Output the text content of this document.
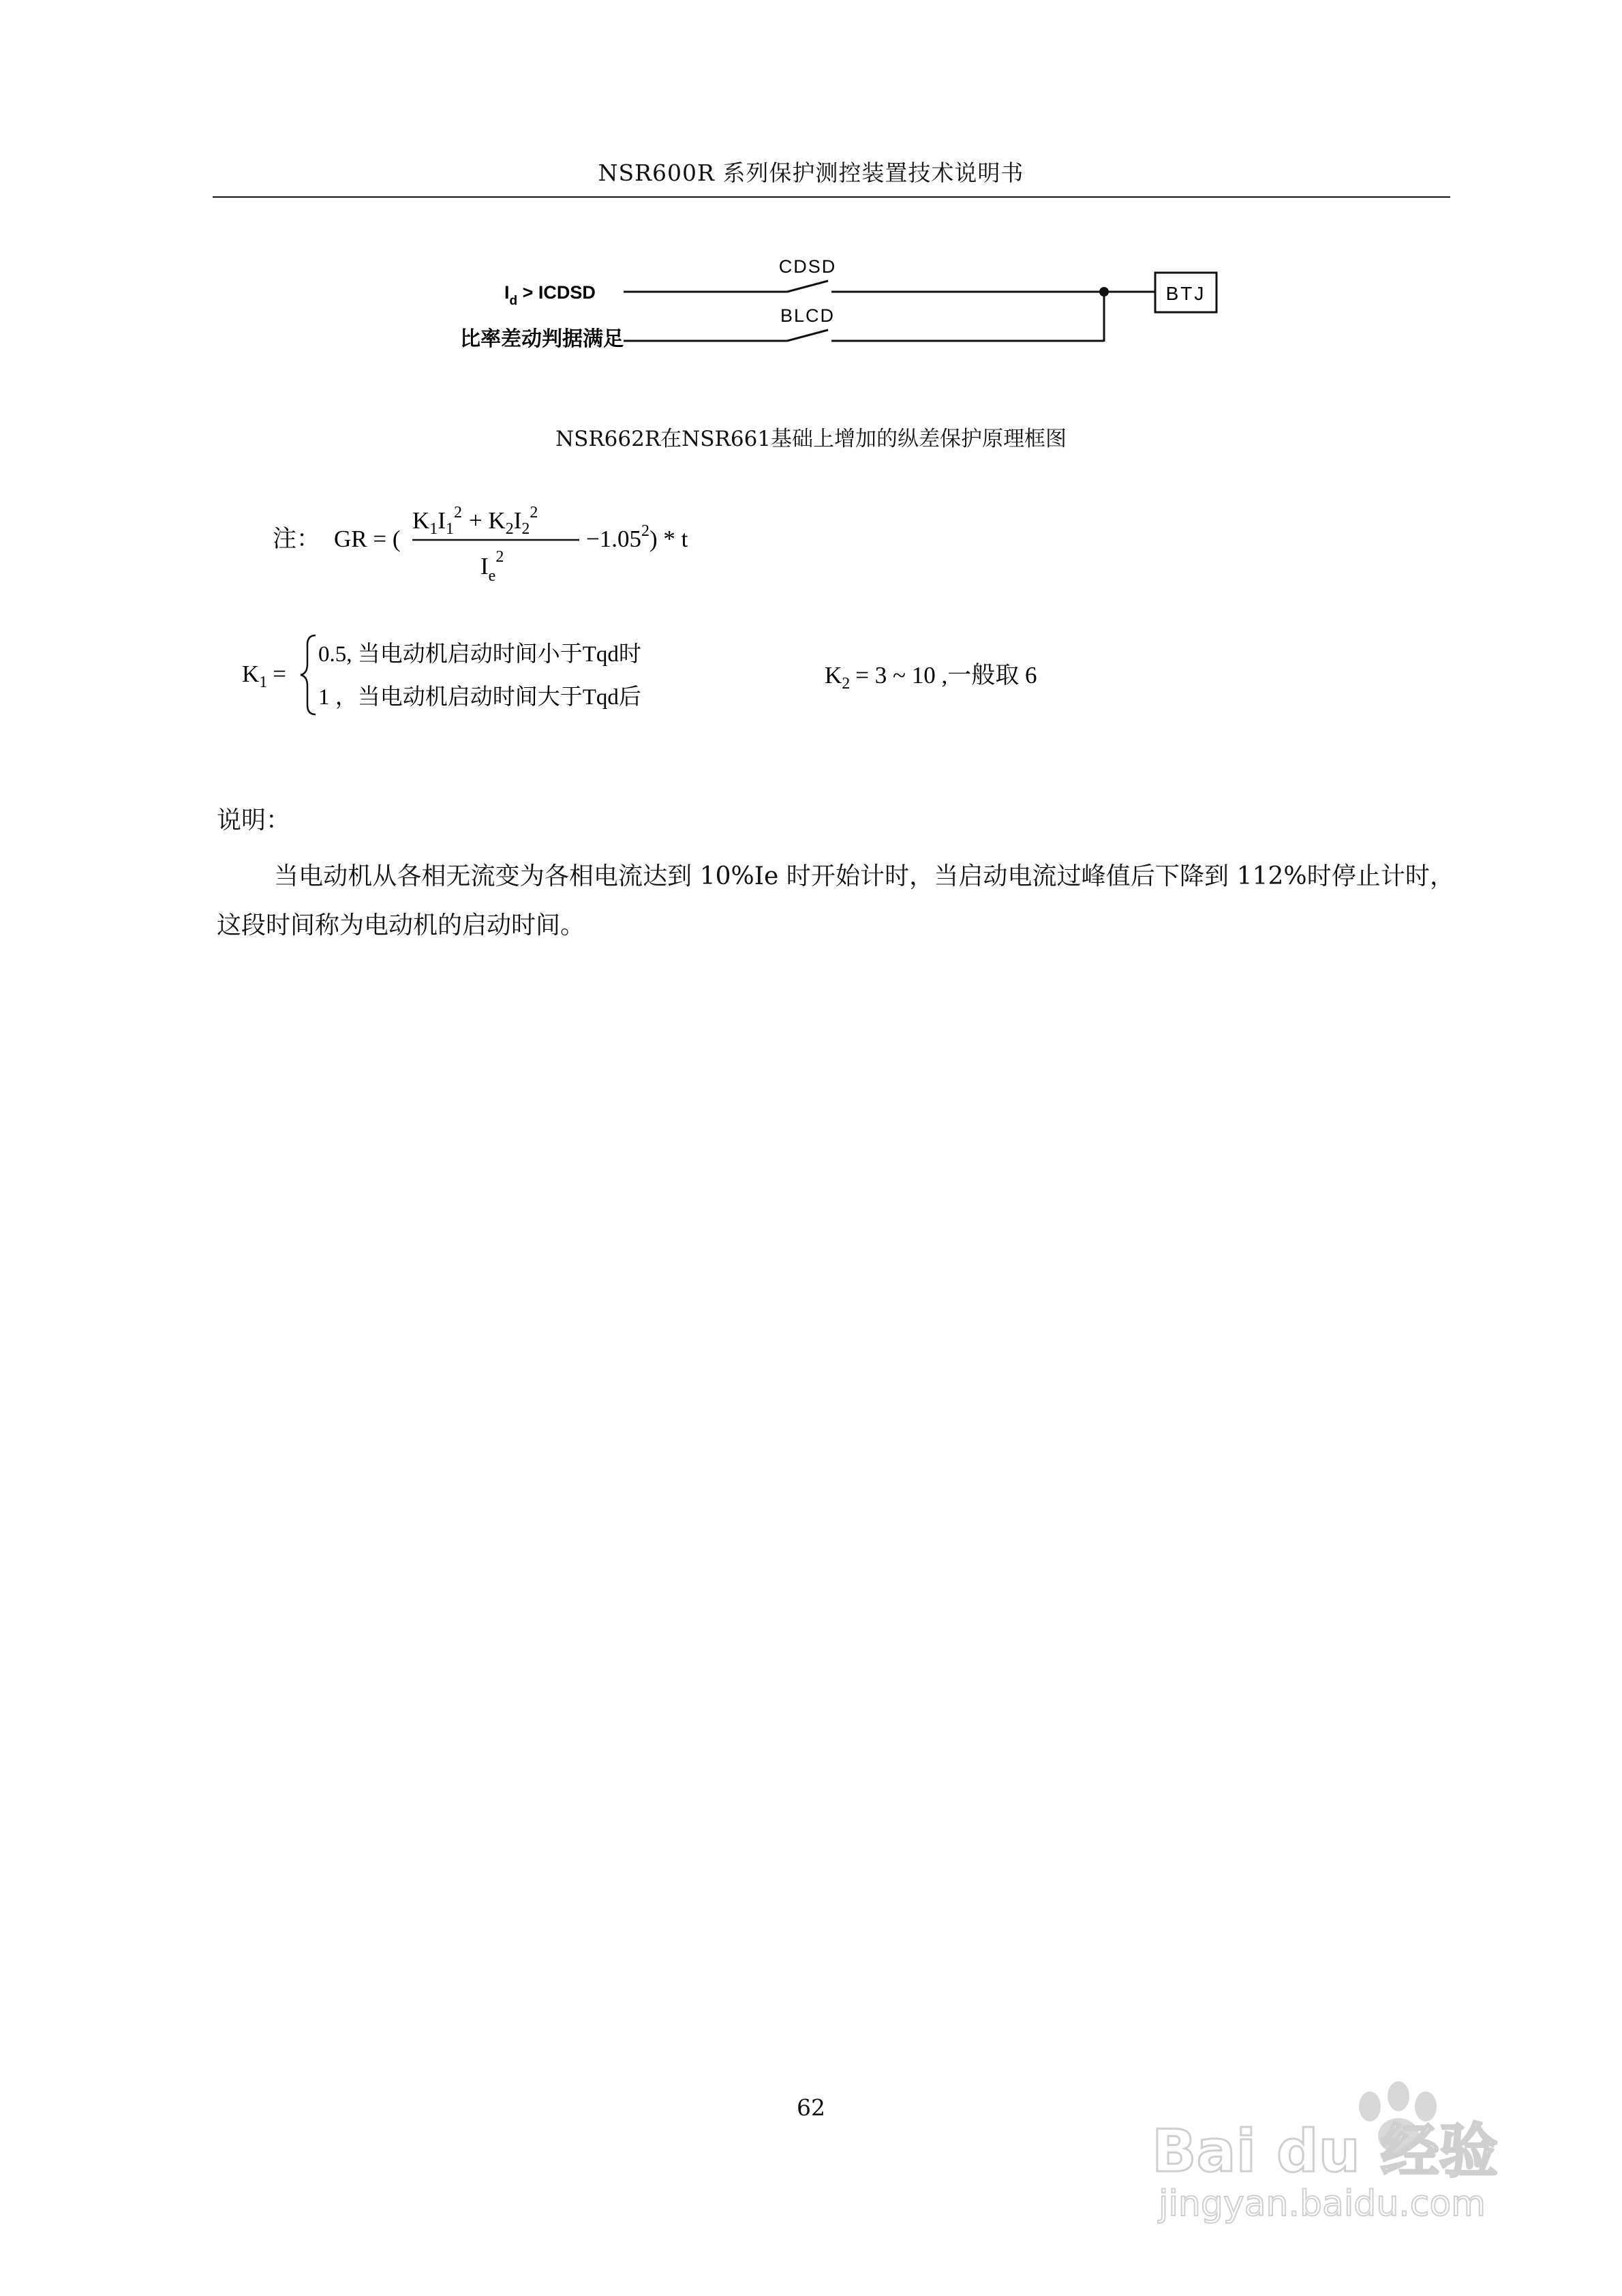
NSR600R 系列保护测控装置技术说明书
$I_d$ > ICDSD
比率差动判据满足
CDSD
BLCD
BTJ
NSR662R在NSR661基础上增加的纵差保护原理框图
注： GR = (
$K_1I_1^2 + K_2I_2^2$
$I_e^2$
$-1.05^2) * t$
$K_1$ =
0.5, 当电动机启动时间小于Tqd时
1 ，当电动机启动时间大于Tqd后
$K_2 = 3$ ~ 10 ,一般取 6
说明：
当电动机从各相无流变为各相电流达到 10%Ie 时开始计时，当启动电流过峰值后下降到 112%时停止计时，这段时间称为电动机的启动时间。
62
Bai du 经验
jingyan.baidu.com
